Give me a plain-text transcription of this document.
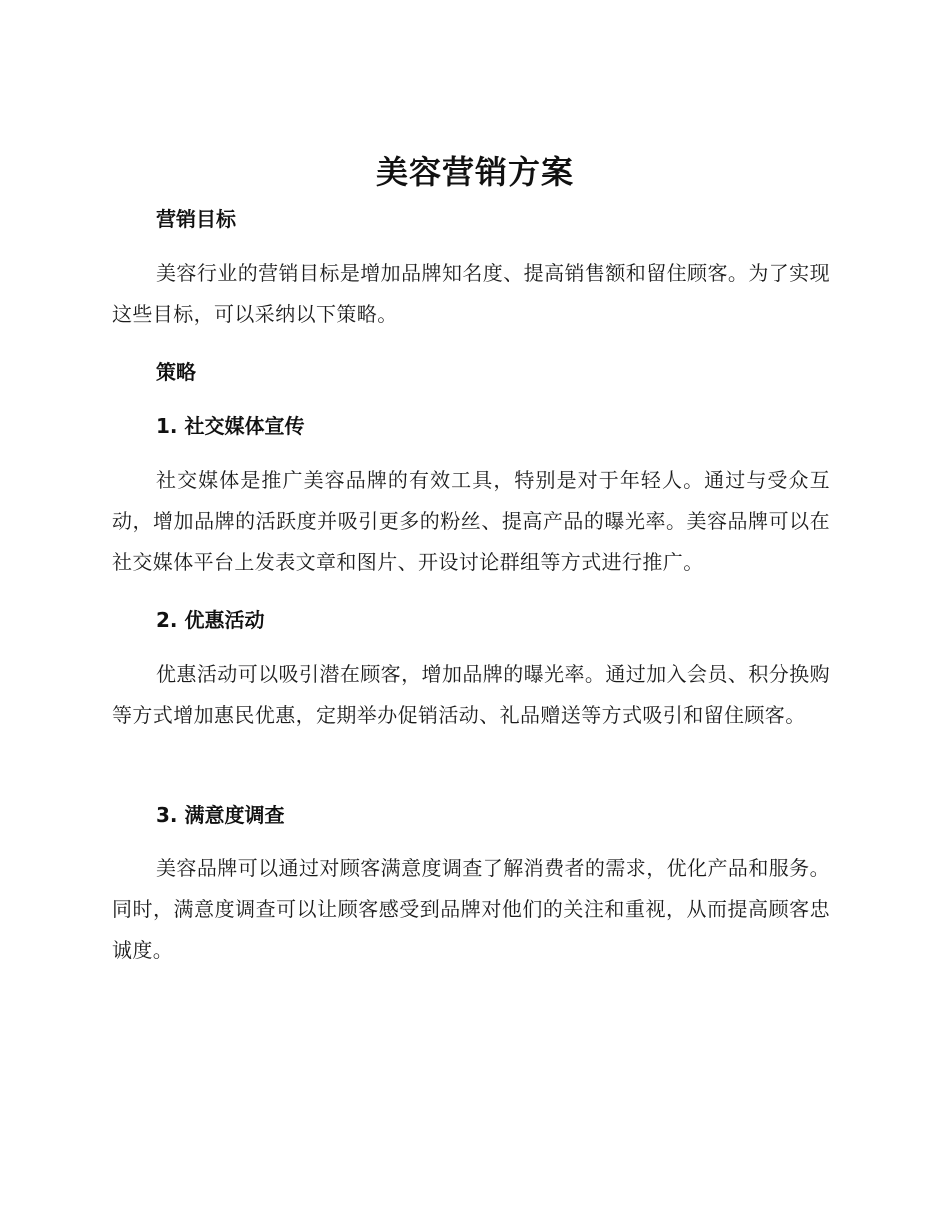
美容营销方案
营销目标

美容行业的营销目标是增加品牌知名度、提高销售额和留住顾客。为了实现这些目标，可以采纳以下策略。

策略
1. 社交媒体宣传

社交媒体是推广美容品牌的有效工具，特别是对于年轻人。通过与受众互动，增加品牌的活跃度并吸引更多的粉丝、提高产品的曝光率。美容品牌可以在社交媒体平台上发表文章和图片、开设讨论群组等方式进行推广。

2. 优惠活动

优惠活动可以吸引潜在顾客，增加品牌的曝光率。通过加入会员、积分换购等方式增加惠民优惠，定期举办促销活动、礼品赠送等方式吸引和留住顾客。

3. 满意度调查

美容品牌可以通过对顾客满意度调查了解消费者的需求，优化产品和服务。同时，满意度调查可以让顾客感受到品牌对他们的关注和重视，从而提高顾客忠诚度。
